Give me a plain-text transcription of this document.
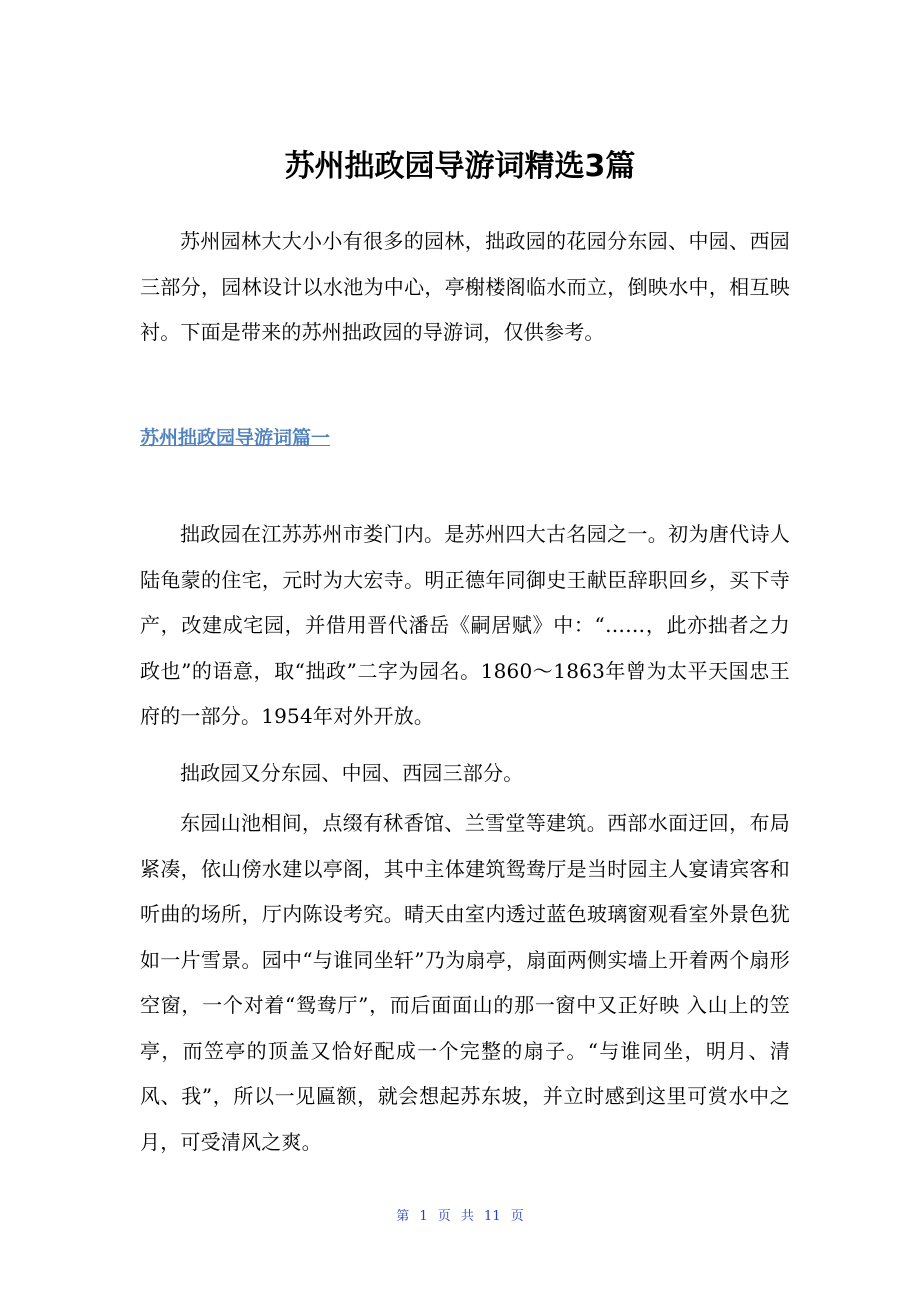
苏州拙政园导游词精选3篇

苏州园林大大小小有很多的园林，拙政园的花园分东园、中园、西园三部分，园林设计以水池为中心，亭榭楼阁临水而立，倒映水中，相互映衬。下面是带来的苏州拙政园的导游词，仅供参考。

苏州拙政园导游词篇一

拙政园在江苏苏州市娄门内。是苏州四大古名园之一。初为唐代诗人陆龟蒙的住宅，元时为大宏寺。明正德年同御史王献臣辞职回乡，买下寺产，改建成宅园，并借用晋代潘岳《嗣居赋》中：“……，此亦拙者之力政也”的语意，取“拙政”二字为园名。1860～1863年曾为太平天国忠王府的一部分。1954年对外开放。

拙政园又分东园、中园、西园三部分。

东园山池相间，点缀有秫香馆、兰雪堂等建筑。西部水面迂回，布局紧凑，依山傍水建以亭阁，其中主体建筑鸳鸯厅是当时园主人宴请宾客和听曲的场所，厅内陈设考究。晴天由室内透过蓝色玻璃窗观看室外景色犹如一片雪景。园中“与谁同坐轩”乃为扇亭，扇面两侧实墙上开着两个扇形空窗，一个对着“鸳鸯厅”，而后面面山的那一窗中又正好映 入山上的笠亭，而笠亭的顶盖又恰好配成一个完整的扇子。“与谁同坐，明月、清风、我”，所以一见匾额，就会想起苏东坡，并立时感到这里可赏水中之月，可受清风之爽。

第 1 页 共 11 页
